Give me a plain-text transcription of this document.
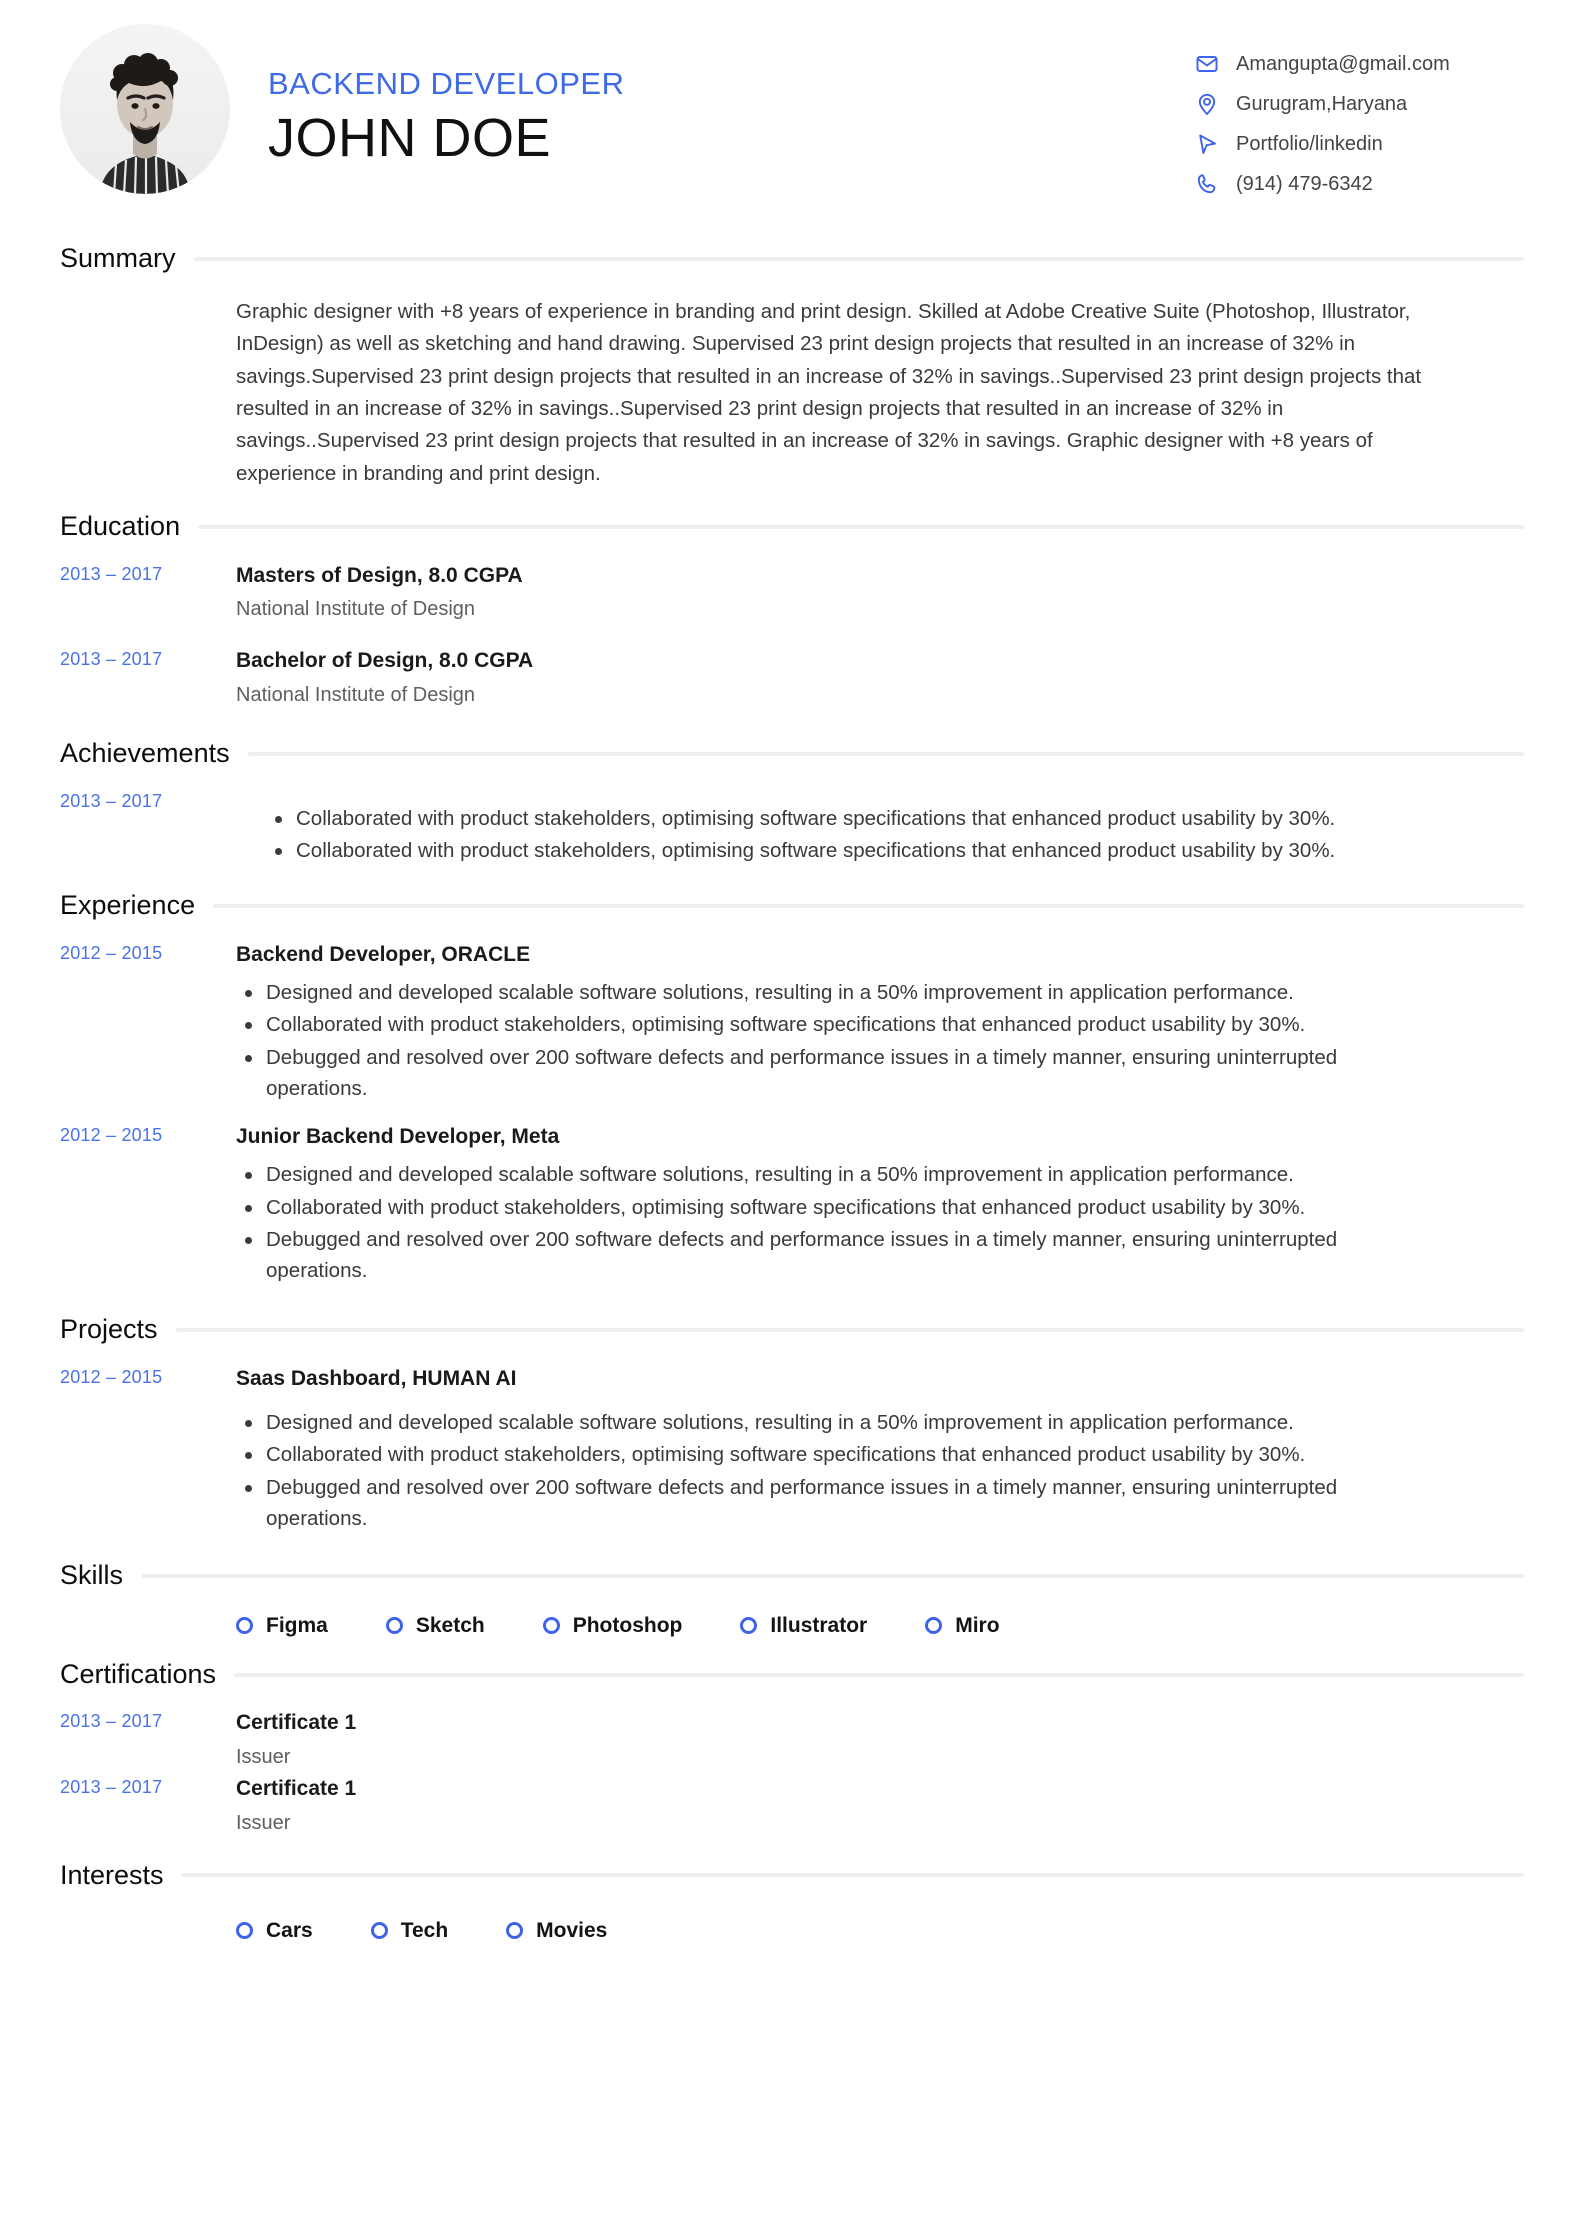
BACKEND DEVELOPER
JOHN DOE
Amangupta@gmail.com
Gurugram,Haryana
Portfolio/linkedin
(914) 479-6342
Summary

Graphic designer with +8 years of experience in branding and print design. Skilled at Adobe Creative Suite (Photoshop, Illustrator, InDesign) as well as sketching and hand drawing. Supervised 23 print design projects that resulted in an increase of 32% in savings.Supervised 23 print design projects that resulted in an increase of 32% in savings..Supervised 23 print design projects that resulted in an increase of 32% in savings..Supervised 23 print design projects that resulted in an increase of 32% in savings..Supervised 23 print design projects that resulted in an increase of 32% in savings. Graphic designer with +8 years of experience in branding and print design.

Education
2013 – 2017	Masters of Design, 8.0 CGPA
National Institute of Design
2013 – 2017	Bachelor of Design, 8.0 CGPA
National Institute of Design
Achievements
2013 – 2017
Collaborated with product stakeholders, optimising software specifications that enhanced product usability by 30%.
Collaborated with product stakeholders, optimising software specifications that enhanced product usability by 30%.
Experience
2012 – 2015	Backend Developer, ORACLE
Designed and developed scalable software solutions, resulting in a 50% improvement in application performance.
Collaborated with product stakeholders, optimising software specifications that enhanced product usability by 30%.
Debugged and resolved over 200 software defects and performance issues in a timely manner, ensuring uninterrupted operations.
2012 – 2015	Junior Backend Developer, Meta
Designed and developed scalable software solutions, resulting in a 50% improvement in application performance.
Collaborated with product stakeholders, optimising software specifications that enhanced product usability by 30%.
Debugged and resolved over 200 software defects and performance issues in a timely manner, ensuring uninterrupted operations.
Projects
2012 – 2015	Saas Dashboard, HUMAN AI
Designed and developed scalable software solutions, resulting in a 50% improvement in application performance.
Collaborated with product stakeholders, optimising software specifications that enhanced product usability by 30%.
Debugged and resolved over 200 software defects and performance issues in a timely manner, ensuring uninterrupted operations.
Skills
Figma	Sketch	Photoshop	Illustrator	Miro
Certifications
2013 – 2017	Certificate 1
Issuer
2013 – 2017	Certificate 1
Issuer
Interests
Cars	Tech	Movies
